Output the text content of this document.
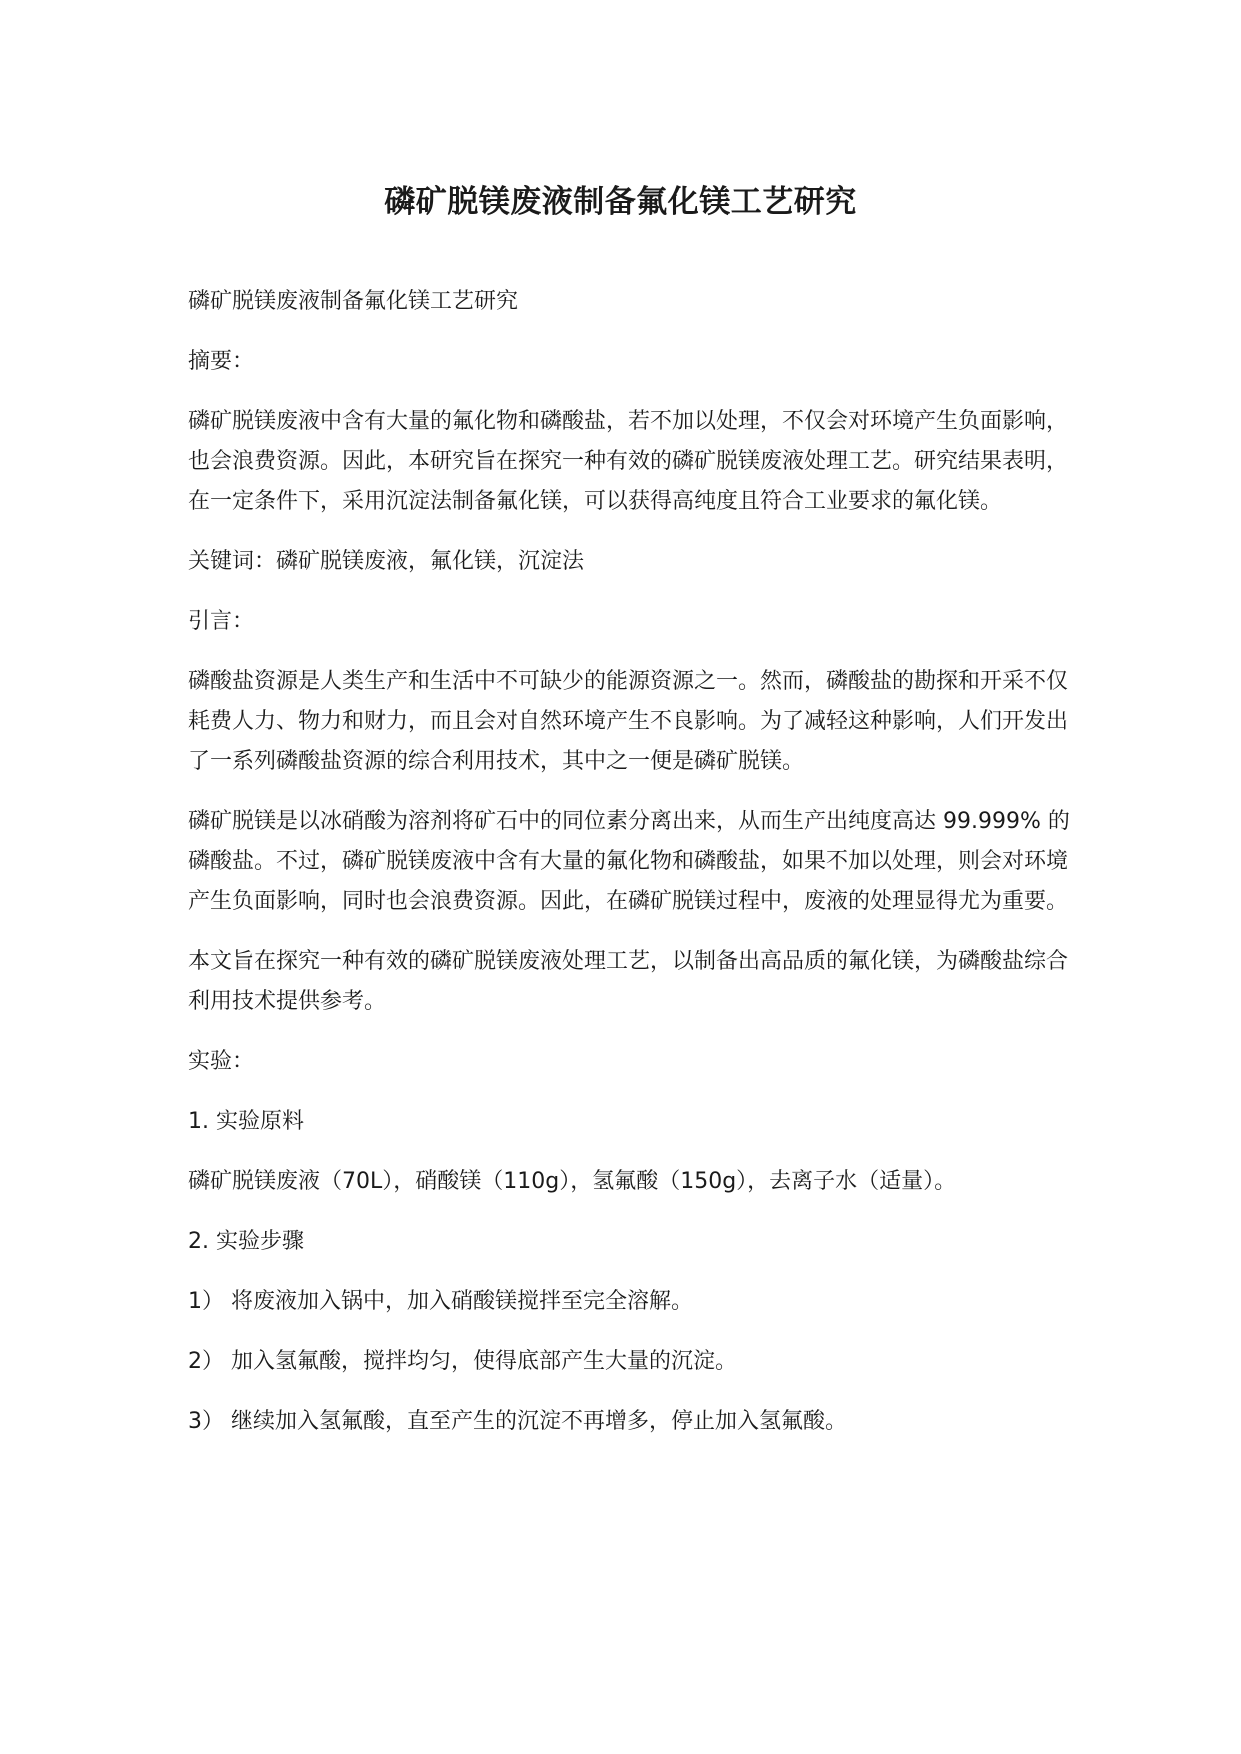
磷矿脱镁废液制备氟化镁工艺研究

磷矿脱镁废液制备氟化镁工艺研究

摘要：

磷矿脱镁废液中含有大量的氟化物和磷酸盐，若不加以处理，不仅会对环境产生负面影响，也会浪费资源。因此，本研究旨在探究一种有效的磷矿脱镁废液处理工艺。研究结果表明，在一定条件下，采用沉淀法制备氟化镁，可以获得高纯度且符合工业要求的氟化镁。

关键词：磷矿脱镁废液，氟化镁，沉淀法

引言：

磷酸盐资源是人类生产和生活中不可缺少的能源资源之一。然而，磷酸盐的勘探和开采不仅耗费人力、物力和财力，而且会对自然环境产生不良影响。为了减轻这种影响，人们开发出了一系列磷酸盐资源的综合利用技术，其中之一便是磷矿脱镁。

磷矿脱镁是以冰硝酸为溶剂将矿石中的同位素分离出来，从而生产出纯度高达 99.999% 的磷酸盐。不过，磷矿脱镁废液中含有大量的氟化物和磷酸盐，如果不加以处理，则会对环境产生负面影响，同时也会浪费资源。因此，在磷矿脱镁过程中，废液的处理显得尤为重要。

本文旨在探究一种有效的磷矿脱镁废液处理工艺，以制备出高品质的氟化镁，为磷酸盐综合利用技术提供参考。

实验：

1. 实验原料

磷矿脱镁废液（70L），硝酸镁（110g），氢氟酸（150g），去离子水（适量）。

2. 实验步骤

1） 将废液加入锅中，加入硝酸镁搅拌至完全溶解。

2） 加入氢氟酸，搅拌均匀，使得底部产生大量的沉淀。

3） 继续加入氢氟酸，直至产生的沉淀不再增多，停止加入氢氟酸。
